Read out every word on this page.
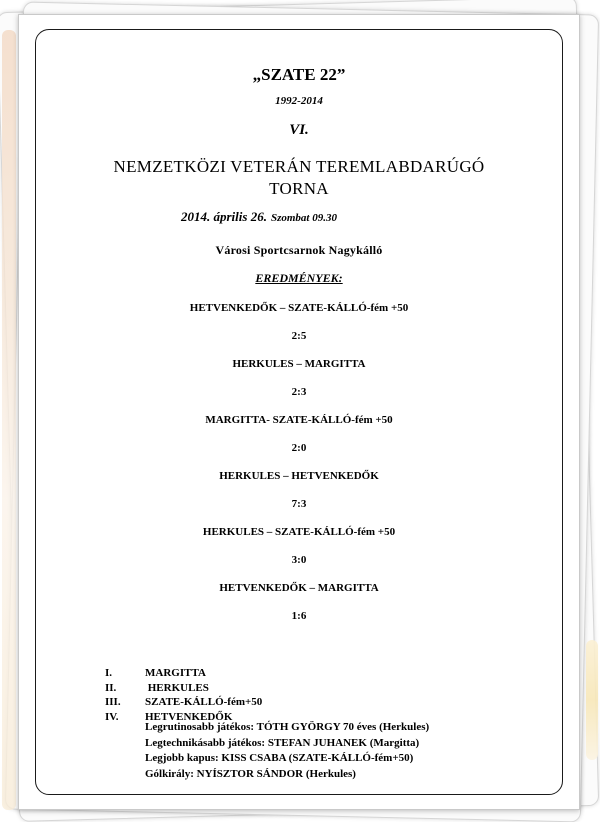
„SZATE 22”
1992-2014
VI.
NEMZETKÖZI VETERÁN TEREMLABDARÚGÓ
TORNA
2014. április 26. Szombat 09.30
Városi Sportcsarnok Nagykálló
EREDMÉNYEK:
HETVENKEDŐK – SZATE-KÁLLÓ-fém +50
2:5
HERKULES – MARGITTA
2:3
MARGITTA- SZATE-KÁLLÓ-fém +50
2:0
HERKULES – HETVENKEDŐK
7:3
HERKULES – SZATE-KÁLLÓ-fém +50
3:0
HETVENKEDŐK – MARGITTA
1:6
I.	MARGITTA
II.	HERKULES
III.	SZATE-KÁLLÓ-fém+50
IV.	HETVENKEDŐK
Legrutinosabb játékos: TÓTH GYÖRGY 70 éves (Herkules)
Legtechnikásabb játékos: STEFAN JUHANEK (Margitta)
Legjobb kapus: KISS CSABA (SZATE-KÁLLÓ-fém+50)
Gólkirály: NYÍSZTOR SÁNDOR (Herkules)
